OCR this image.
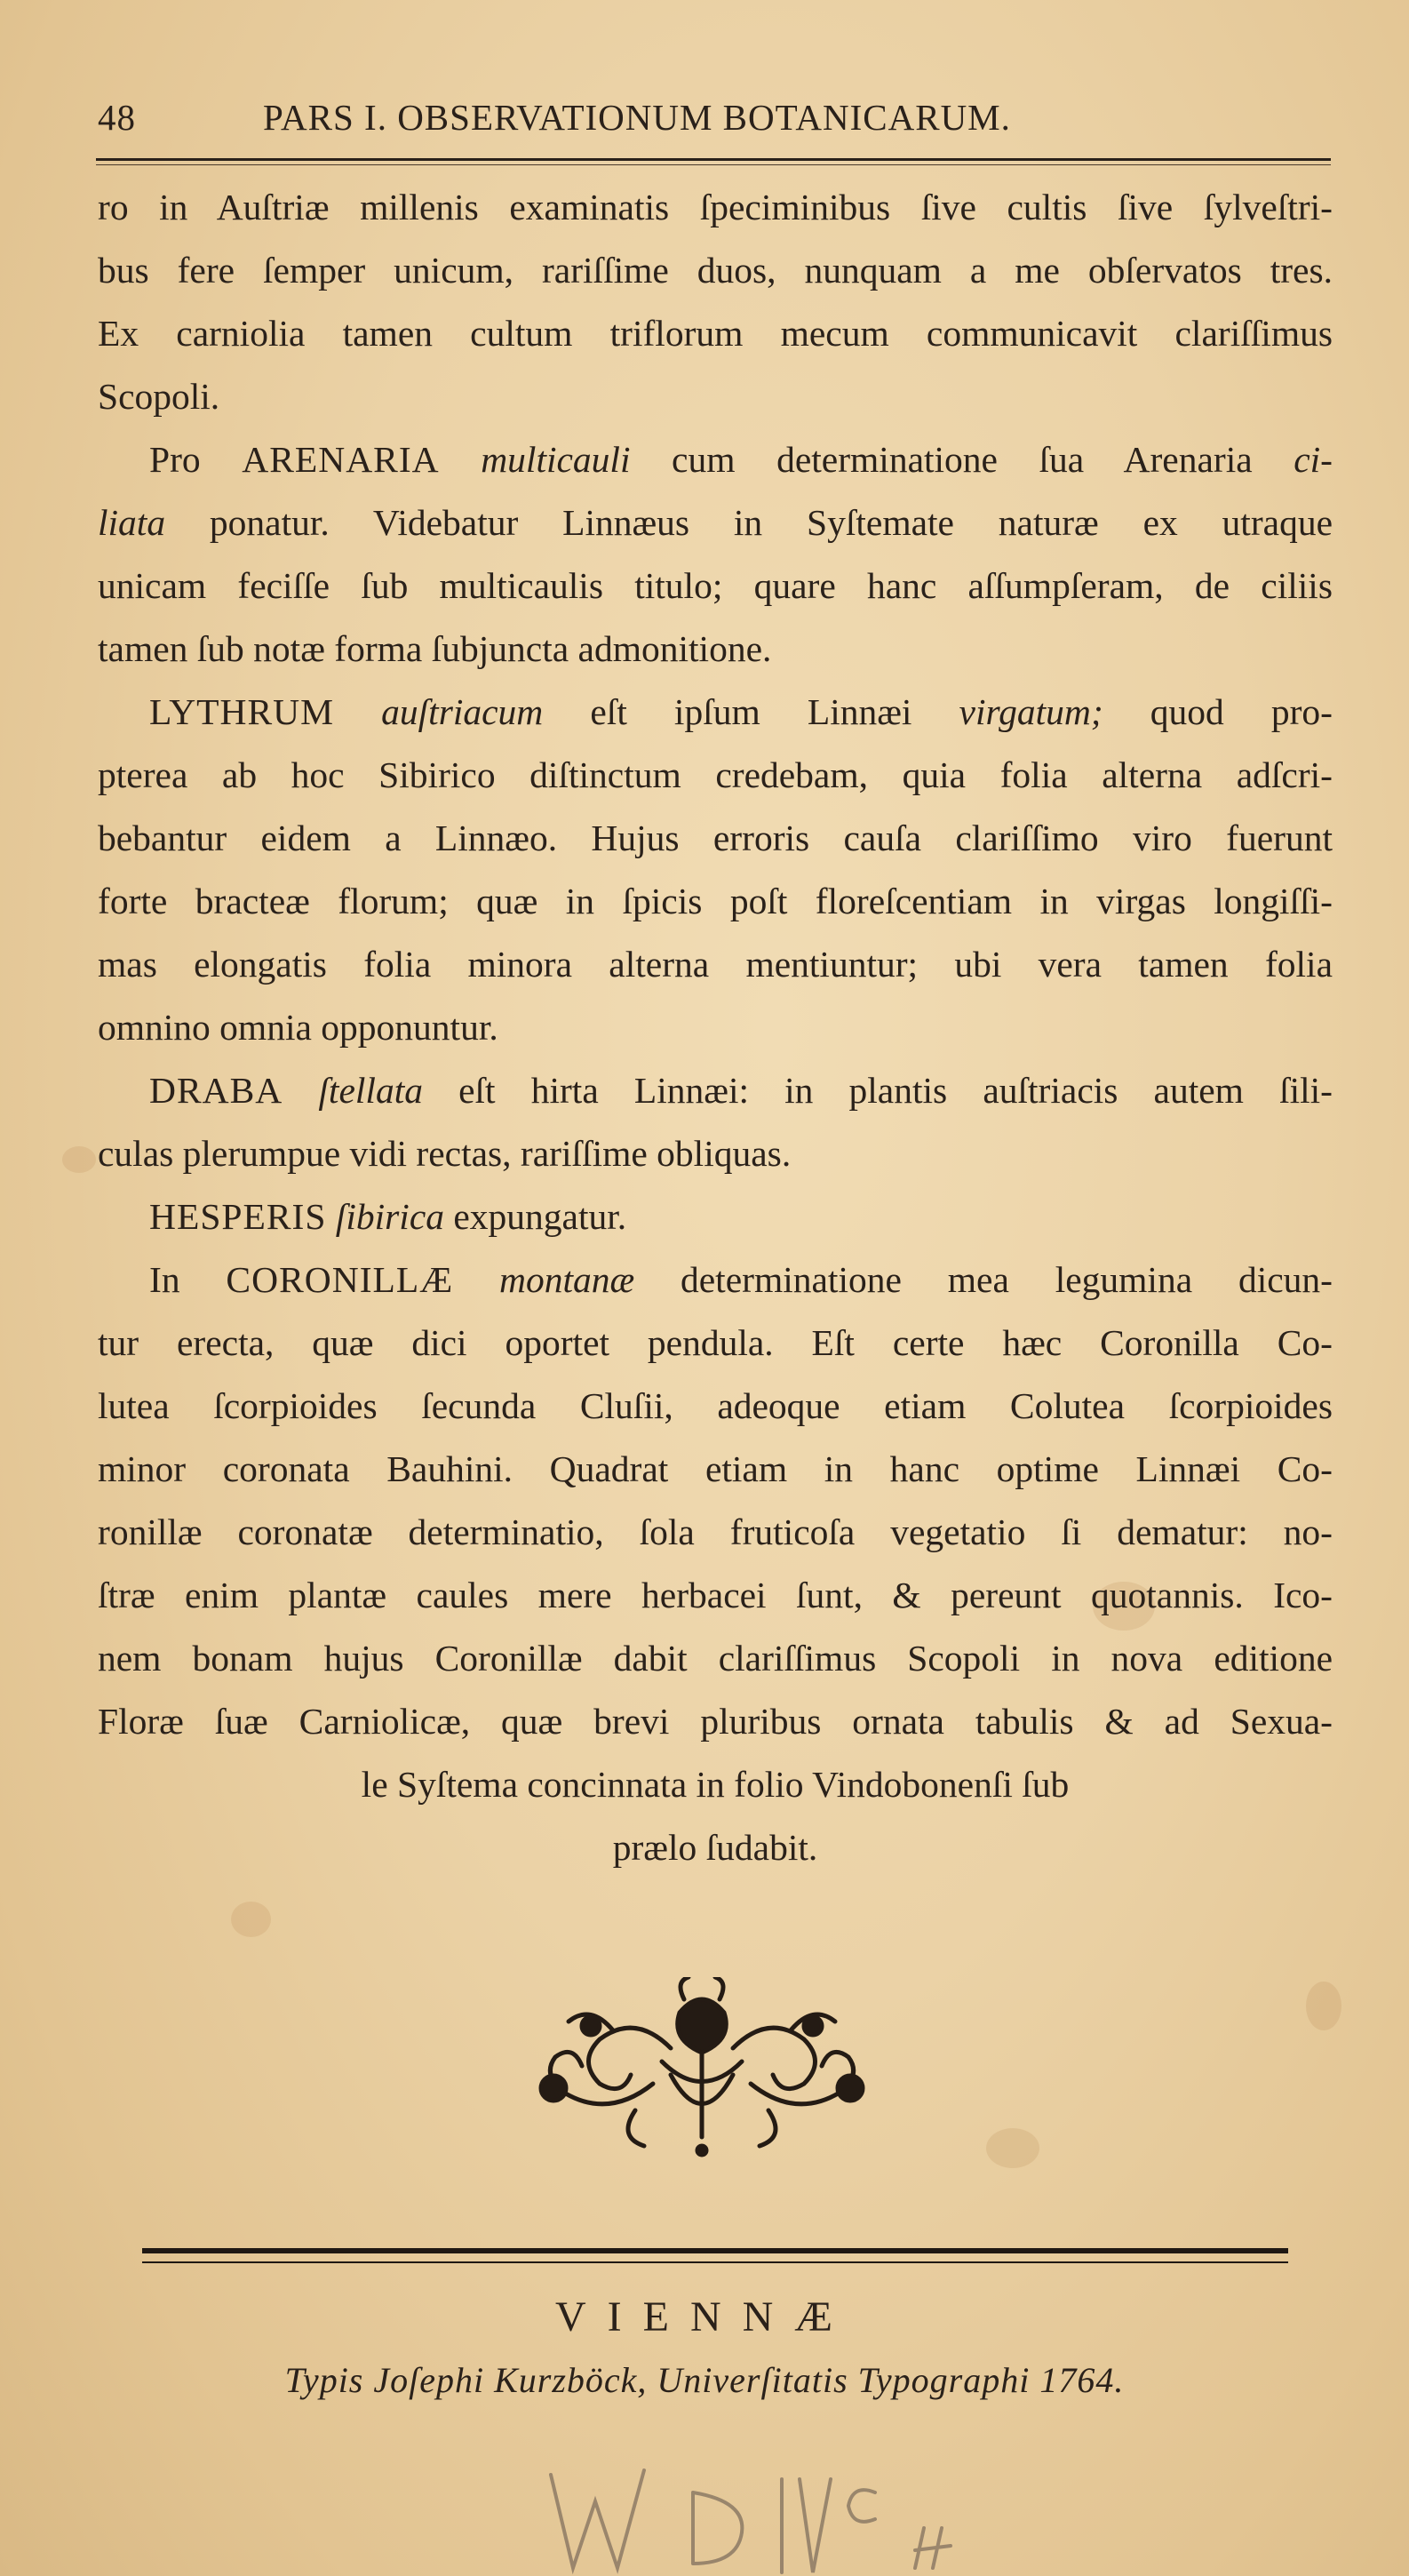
48	PARS I. OBSERVATIONUM BOTANICARUM.
ro in Auſtriæ millenis examinatis ſpeciminibus ſive cultis ſive ſylveſtri-
bus fere ſemper unicum, rariſſime duos, nunquam a me obſervatos tres.
Ex carniolia tamen cultum triflorum mecum communicavit clariſſimus
Scopoli.
Pro ARENARIA multicauli cum determinatione ſua Arenaria ci-
liata ponatur. Videbatur Linnæus in Syſtemate naturæ ex utraque
unicam feciſſe ſub multicaulis titulo; quare hanc aſſumpſeram, de ciliis
tamen ſub notæ forma ſubjuncta admonitione.
LYTHRUM auſtriacum eſt ipſum Linnæi virgatum; quod pro-
pterea ab hoc Sibirico diſtinctum credebam, quia folia alterna adſcri-
bebantur eidem a Linnæo. Hujus erroris cauſa clariſſimo viro fuerunt
forte bracteæ florum; quæ in ſpicis poſt floreſcentiam in virgas longiſſi-
mas elongatis folia minora alterna mentiuntur; ubi vera tamen folia
omnino omnia opponuntur.
DRABA ſtellata eſt hirta Linnæi: in plantis auſtriacis autem ſili-
culas plerumpue vidi rectas, rariſſime obliquas.
HESPERIS ſibirica expungatur.
In CORONILLÆ montanæ determinatione mea legumina dicun-
tur erecta, quæ dici oportet pendula. Eſt certe hæc Coronilla Co-
lutea ſcorpioides ſecunda Cluſii, adeoque etiam Colutea ſcorpioides
minor coronata Bauhini. Quadrat etiam in hanc optime Linnæi Co-
ronillæ coronatæ determinatio, ſola fruticoſa vegetatio ſi dematur: no-
ſtræ enim plantæ caules mere herbacei ſunt, & pereunt quotannis. Ico-
nem bonam hujus Coronillæ dabit clariſſimus Scopoli in nova editione
Floræ ſuæ Carniolicæ, quæ brevi pluribus ornata tabulis & ad Sexua-
le Syſtema concinnata in folio Vindobonenſi ſub
prælo ſudabit.
VIENNÆ
Typis Joſephi Kurzböck, Univerſitatis Typographi 1764.
